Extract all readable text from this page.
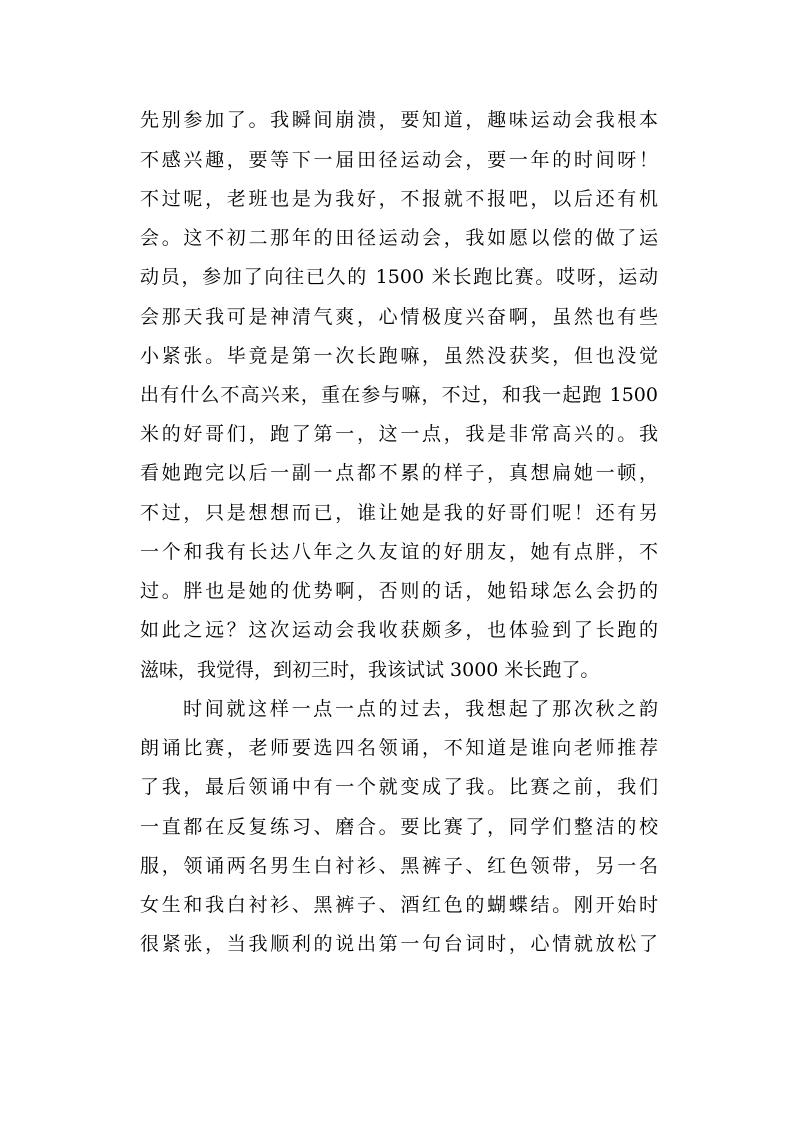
先别参加了。我瞬间崩溃，要知道，趣味运动会我根本
不感兴趣，要等下一届田径运动会，要一年的时间呀！
不过呢，老班也是为我好，不报就不报吧，以后还有机
会。这不初二那年的田径运动会，我如愿以偿的做了运
动员，参加了向往已久的 1500 米长跑比赛。哎呀，运动
会那天我可是神清气爽，心情极度兴奋啊，虽然也有些
小紧张。毕竟是第一次长跑嘛，虽然没获奖，但也没觉
出有什么不高兴来，重在参与嘛，不过，和我一起跑 1500
米的好哥们，跑了第一，这一点，我是非常高兴的。我
看她跑完以后一副一点都不累的样子，真想扁她一顿，
不过，只是想想而已，谁让她是我的好哥们呢！还有另
一个和我有长达八年之久友谊的好朋友，她有点胖，不
过。胖也是她的优势啊，否则的话，她铅球怎么会扔的
如此之远？这次运动会我收获颇多，也体验到了长跑的
滋味，我觉得，到初三时，我该试试 3000 米长跑了。
时间就这样一点一点的过去，我想起了那次秋之韵
朗诵比赛，老师要选四名领诵，不知道是谁向老师推荐
了我，最后领诵中有一个就变成了我。比赛之前，我们
一直都在反复练习、磨合。要比赛了，同学们整洁的校
服，领诵两名男生白衬衫、黑裤子、红色领带，另一名
女生和我白衬衫、黑裤子、酒红色的蝴蝶结。刚开始时
很紧张，当我顺利的说出第一句台词时，心情就放松了
